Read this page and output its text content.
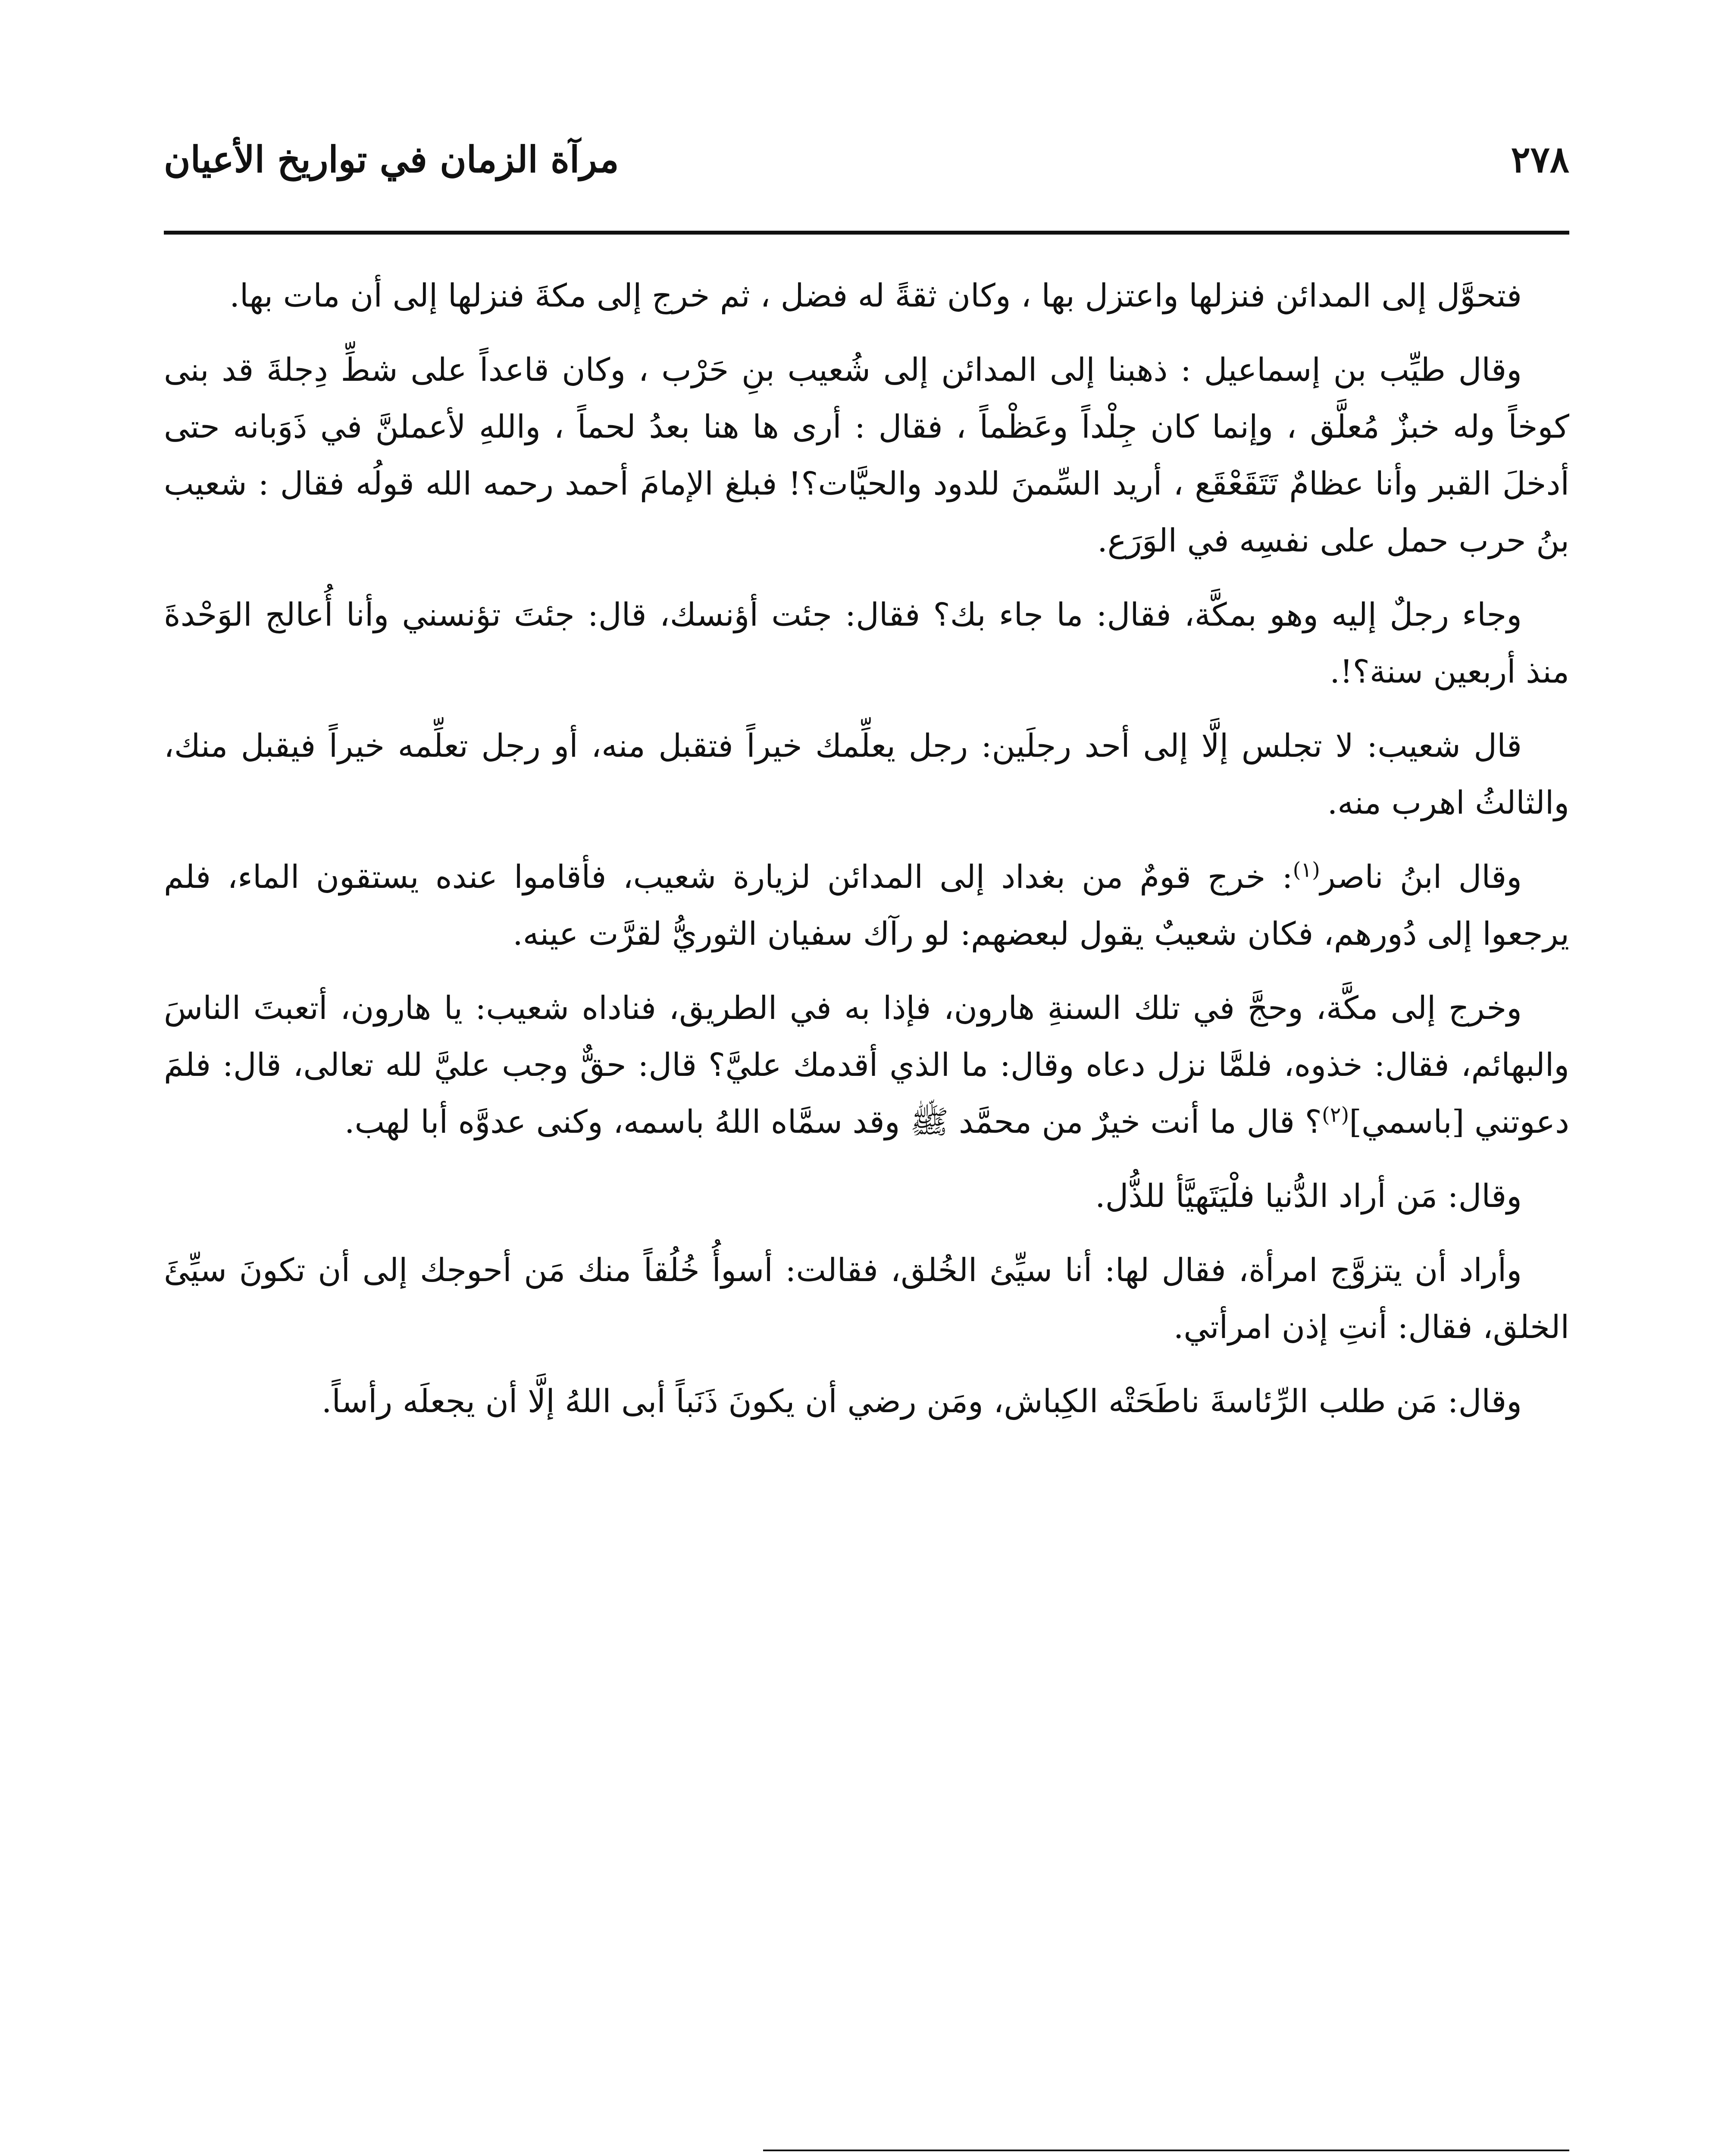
٢٧٨
مرآة الزمان في تواريخ الأعيان

فتحوَّل إلى المدائن فنزلها واعتزل بها ، وكان ثقةً له فضل ، ثم خرج إلى مكةَ فنزلها إلى أن مات بها.

وقال طيِّب بن إسماعيل : ذهبنا إلى المدائن إلى شُعيب بنِ حَرْب ، وكان قاعداً على شطِّ دِجلةَ قد بنى كوخاً وله خبزٌ مُعلَّق ، وإنما كان جِلْداً وعَظْماً ، فقال : أرى ها هنا بعدُ لحماً ، واللهِ لأعملنَّ في ذَوَبانه حتى أدخلَ القبر وأنا عظامٌ تَتَقَعْقَع ، أريد السِّمنَ للدود والحيَّات؟! فبلغ الإمامَ أحمد رحمه الله قولُه فقال : شعيب بنُ حرب حمل على نفسِه في الوَرَع.

وجاء رجلٌ إليه وهو بمكَّة، فقال: ما جاء بك؟ فقال: جئت أؤنسك، قال: جئتَ تؤنسني وأنا أُعالج الوَحْدةَ منذ أربعين سنة؟!.

قال شعيب: لا تجلس إلَّا إلى أحد رجلَين: رجل يعلِّمك خيراً فتقبل منه، أو رجل تعلِّمه خيراً فيقبل منك، والثالثُ اهرب منه.

وقال ابنُ ناصر$^{(١)}$: خرج قومٌ من بغداد إلى المدائن لزيارة شعيب، فأقاموا عنده يستقون الماء، فلم يرجعوا إلى دُورهم، فكان شعيبٌ يقول لبعضهم: لو رآك سفيان الثوريُّ لقرَّت عينه.

وخرج إلى مكَّة، وحجَّ في تلك السنةِ هارون، فإذا به في الطريق، فناداه شعيب: يا هارون، أتعبتَ الناسَ والبهائم، فقال: خذوه، فلمَّا نزل دعاه وقال: ما الذي أقدمك عليَّ؟ قال: حقٌّ وجب عليَّ لله تعالى، قال: فلمَ دعوتني [باسمي]$^{(٢)}$؟ قال ما أنت خيرٌ من محمَّد ﷺ وقد سمَّاه اللهُ باسمه، وكنى عدوَّه أبا لهب.

وقال: مَن أراد الدُّنيا فلْيَتَهيَّأ للذُّل.

وأراد أن يتزوَّج امرأة، فقال لها: أنا سيِّئ الخُلق، فقالت: أسوأُ خُلُقاً منك مَن أحوجك إلى أن تكونَ سيِّئَ الخلق، فقال: أنتِ إذن امرأتي.

وقال: مَن طلب الرِّئاسةَ ناطَحَتْه الكِباش، ومَن رضي أن يكونَ ذَنَباً أبى اللهُ إلَّا أن يجعلَه رأساً.
